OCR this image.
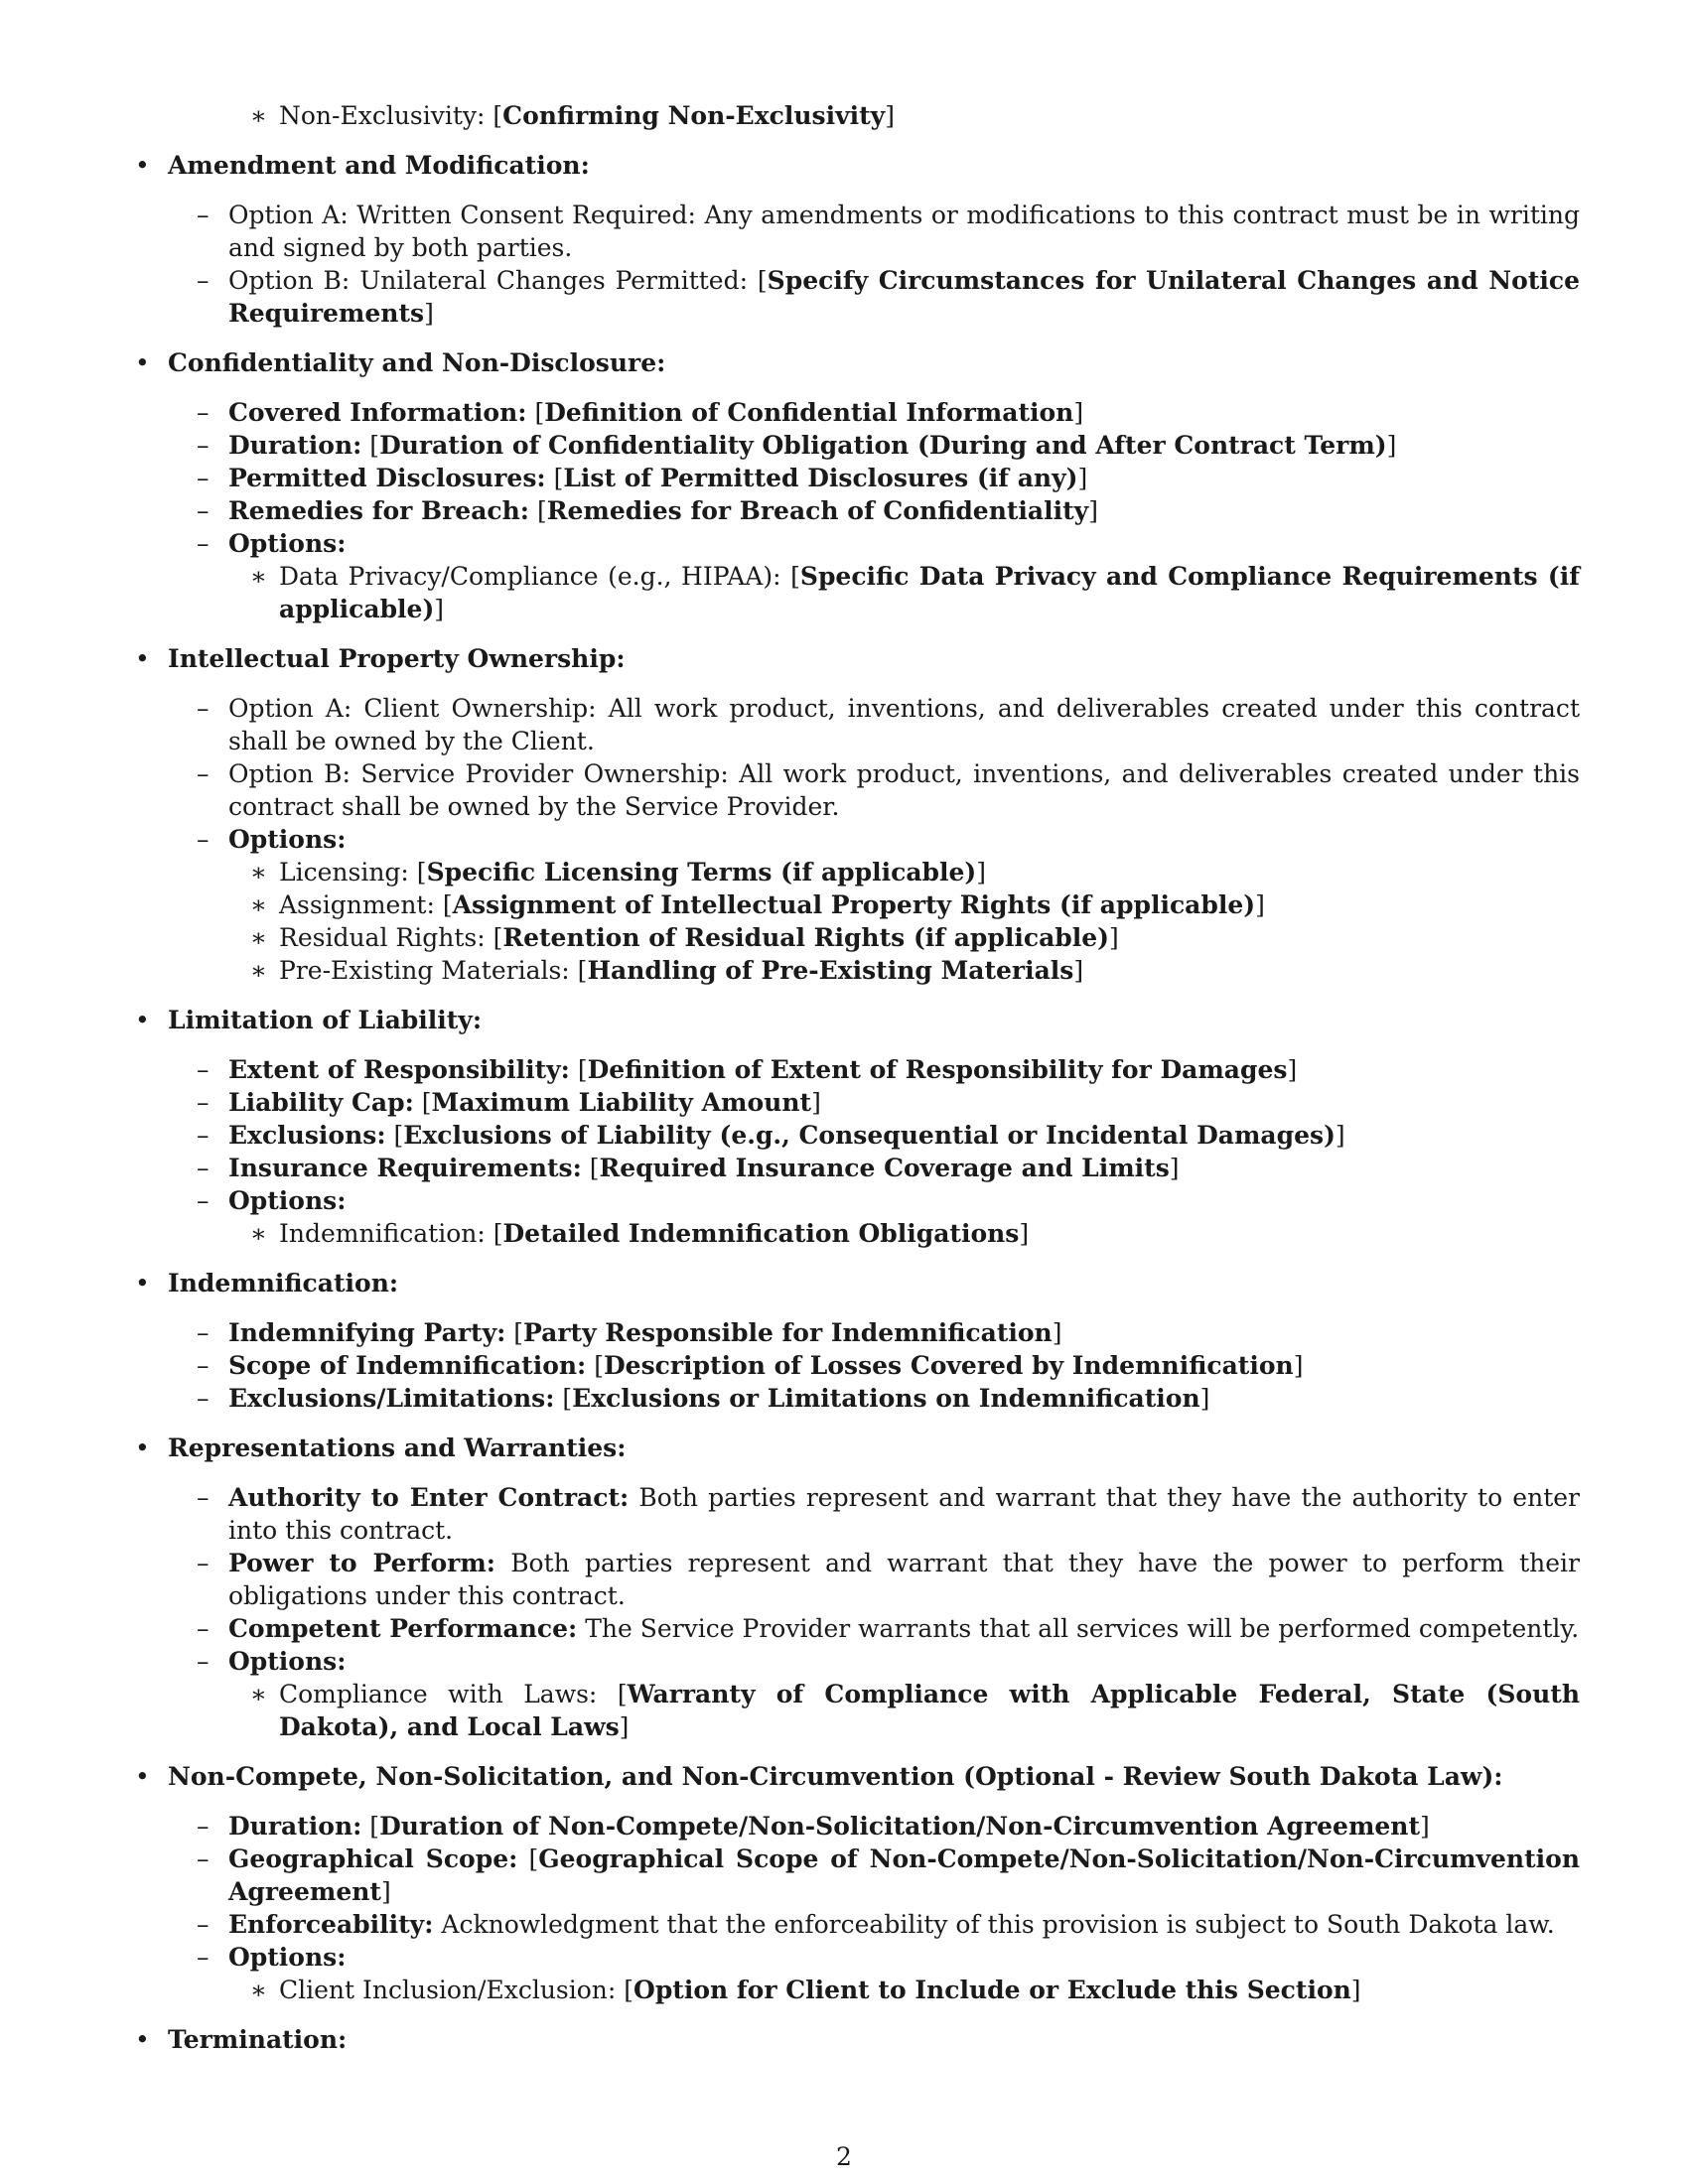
∗ Non-Exclusivity: [Confirming Non-Exclusivity]
• Amendment and Modification:
– Option A: Written Consent Required: Any amendments or modifications to this contract must be in writing and signed by both parties.
– Option B: Unilateral Changes Permitted: [Specify Circumstances for Unilateral Changes and Notice Requirements]
• Confidentiality and Non-Disclosure:
– Covered Information: [Definition of Confidential Information]
– Duration: [Duration of Confidentiality Obligation (During and After Contract Term)]
– Permitted Disclosures: [List of Permitted Disclosures (if any)]
– Remedies for Breach: [Remedies for Breach of Confidentiality]
– Options:
∗ Data Privacy/Compliance (e.g., HIPAA): [Specific Data Privacy and Compliance Requirements (if applicable)]
• Intellectual Property Ownership:
– Option A: Client Ownership: All work product, inventions, and deliverables created under this contract shall be owned by the Client.
– Option B: Service Provider Ownership: All work product, inventions, and deliverables created under this contract shall be owned by the Service Provider.
– Options:
∗ Licensing: [Specific Licensing Terms (if applicable)]
∗ Assignment: [Assignment of Intellectual Property Rights (if applicable)]
∗ Residual Rights: [Retention of Residual Rights (if applicable)]
∗ Pre-Existing Materials: [Handling of Pre-Existing Materials]
• Limitation of Liability:
– Extent of Responsibility: [Definition of Extent of Responsibility for Damages]
– Liability Cap: [Maximum Liability Amount]
– Exclusions: [Exclusions of Liability (e.g., Consequential or Incidental Damages)]
– Insurance Requirements: [Required Insurance Coverage and Limits]
– Options:
∗ Indemnification: [Detailed Indemnification Obligations]
• Indemnification:
– Indemnifying Party: [Party Responsible for Indemnification]
– Scope of Indemnification: [Description of Losses Covered by Indemnification]
– Exclusions/Limitations: [Exclusions or Limitations on Indemnification]
• Representations and Warranties:
– Authority to Enter Contract: Both parties represent and warrant that they have the authority to enter into this contract.
– Power to Perform: Both parties represent and warrant that they have the power to perform their obligations under this contract.
– Competent Performance: The Service Provider warrants that all services will be performed competently.
– Options:
∗ Compliance with Laws: [Warranty of Compliance with Applicable Federal, State (South Dakota), and Local Laws]
• Non-Compete, Non-Solicitation, and Non-Circumvention (Optional - Review South Dakota Law):
– Duration: [Duration of Non-Compete/Non-Solicitation/Non-Circumvention Agreement]
– Geographical Scope: [Geographical Scope of Non-Compete/Non-Solicitation/Non-Circumvention Agreement]
– Enforceability: Acknowledgment that the enforceability of this provision is subject to South Dakota law.
– Options:
∗ Client Inclusion/Exclusion: [Option for Client to Include or Exclude this Section]
• Termination:
2
